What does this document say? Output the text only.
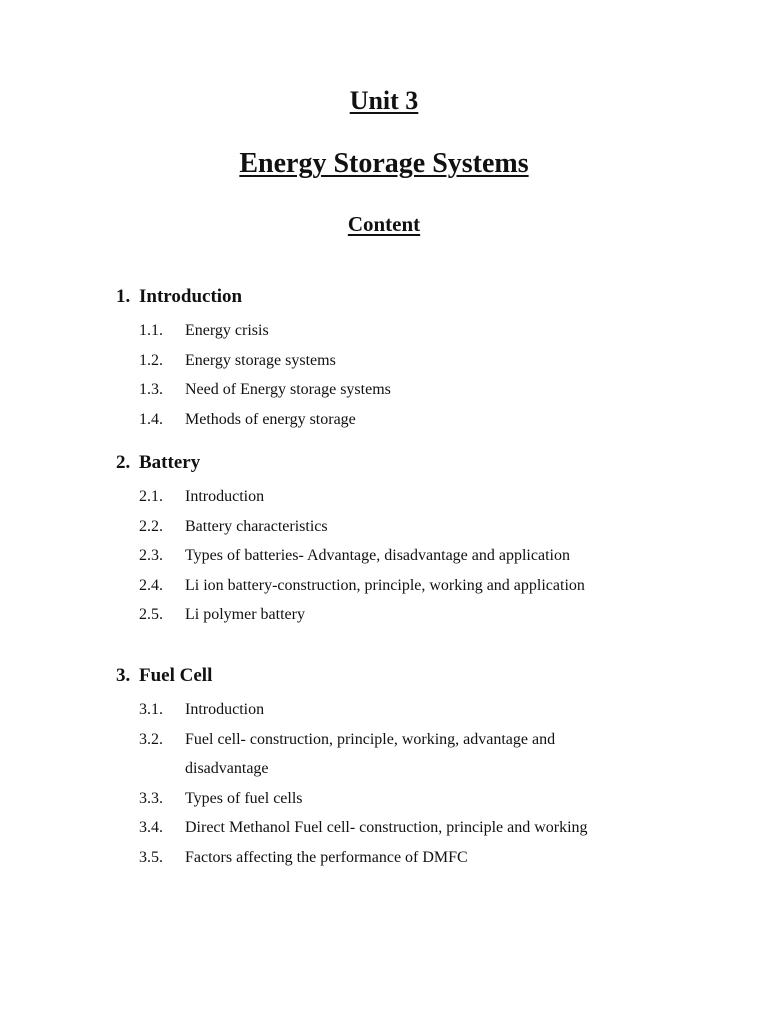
Unit 3
Energy Storage Systems
Content
1. Introduction
1.1. Energy crisis
1.2. Energy storage systems
1.3. Need of Energy storage systems
1.4. Methods of energy storage
2. Battery
2.1. Introduction
2.2. Battery characteristics
2.3. Types of batteries- Advantage, disadvantage and application
2.4. Li ion battery-construction, principle, working and application
2.5. Li polymer battery
3. Fuel Cell
3.1. Introduction
3.2. Fuel cell- construction, principle, working, advantage and disadvantage
3.3. Types of fuel cells
3.4. Direct Methanol Fuel cell- construction, principle and working
3.5. Factors affecting the performance of DMFC
